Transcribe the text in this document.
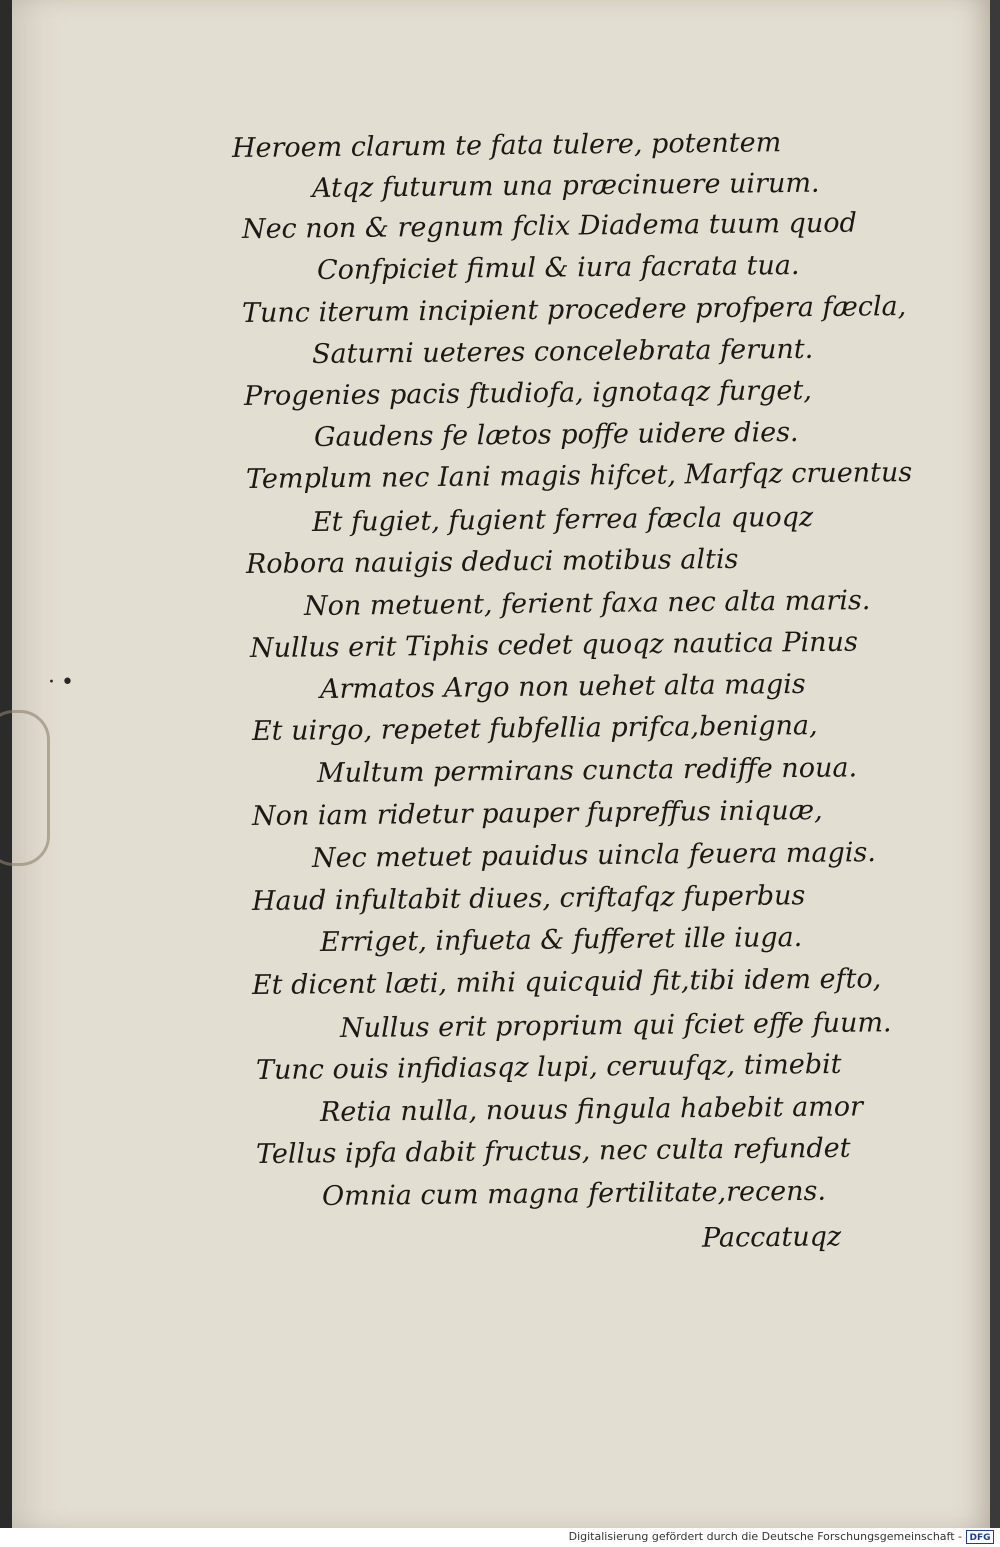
·•
Heroem clarum te fata tulere, potentem
Atqz futurum una præcinuere uirum.
Nec non & regnum fclix Diadema tuum quod
Confpiciet fimul & iura facrata tua.
Tunc iterum incipient procedere profpera fæcla,
Saturni ueteres concelebrata ferunt.
Progenies pacis ftudiofa, ignotaqz furget,
Gaudens fe lætos poffe uidere dies.
Templum nec Iani magis hifcet, Marfqz cruentus
Et fugiet, fugient ferrea fæcla quoqz
Robora nauigis deduci motibus altis
Non metuent, ferient faxa nec alta maris.
Nullus erit Tiphis cedet quoqz nautica Pinus
Armatos Argo non uehet alta magis
Et uirgo, repetet fubfellia prifca,benigna,
Multum permirans cuncta rediffe noua.
Non iam ridetur pauper fupreffus iniquæ,
Nec metuet pauidus uincla feuera magis.
Haud infultabit diues, criftafqz fuperbus
Erriget, infueta & fufferet ille iuga.
Et dicent læti, mihi quicquid fit,tibi idem efto,
Nullus erit proprium qui fciet effe fuum.
Tunc ouis infidiasqz lupi, ceruufqz, timebit
Retia nulla, nouus fingula habebit amor
Tellus ipfa dabit fructus, nec culta refundet
Omnia cum magna fertilitate,recens.
Paccatuqz
Digitalisierung gefördert durch die Deutsche Forschungsgemeinschaft - DFG
